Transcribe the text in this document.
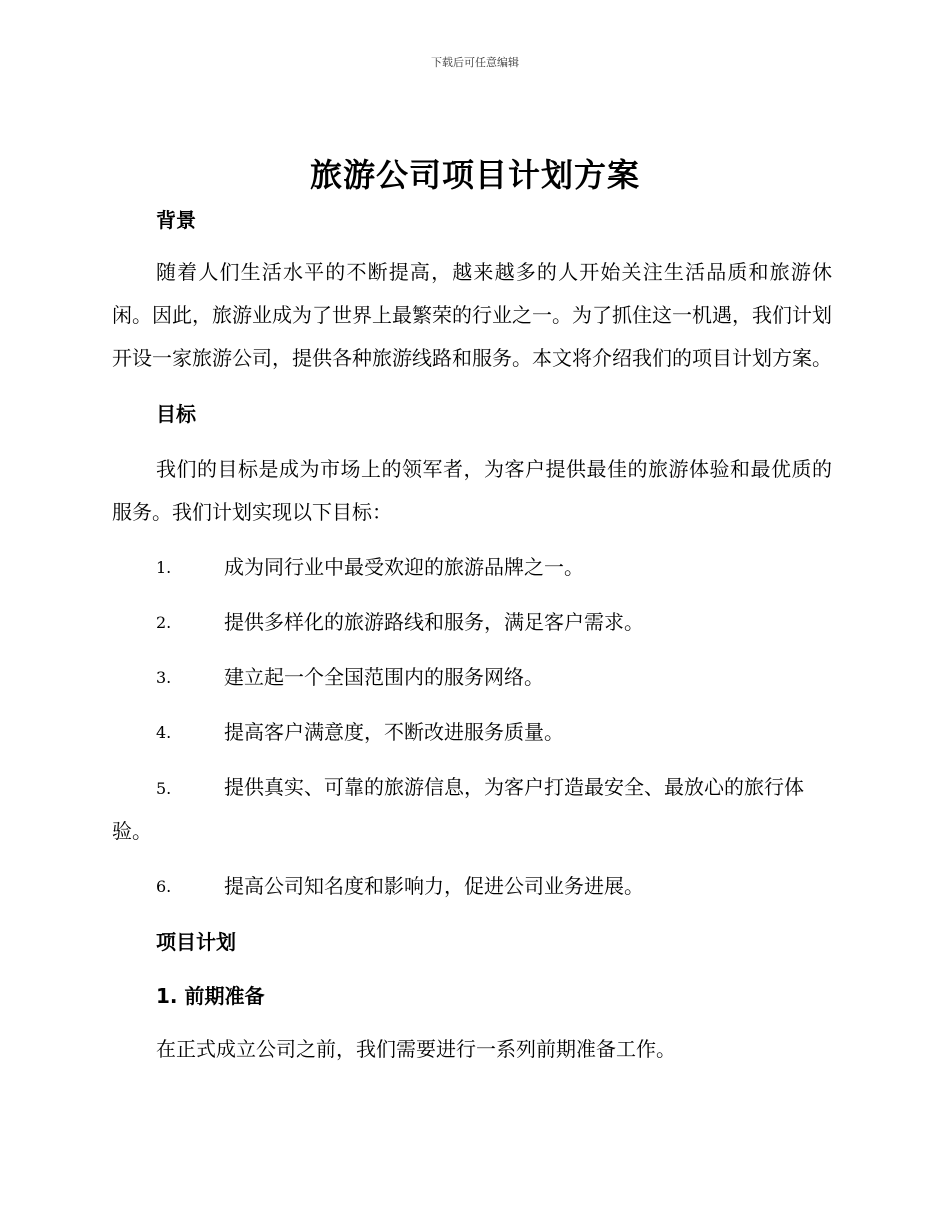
下载后可任意编辑
旅游公司项目计划方案
背景

随着人们生活水平的不断提高，越来越多的人开始关注生活品质和旅游休闲。因此，旅游业成为了世界上最繁荣的行业之一。为了抓住这一机遇，我们计划开设一家旅游公司，提供各种旅游线路和服务。本文将介绍我们的项目计划方案。

目标

我们的目标是成为市场上的领军者，为客户提供最佳的旅游体验和最优质的服务。我们计划实现以下目标：

1.	成为同行业中最受欢迎的旅游品牌之一。
2.	提供多样化的旅游路线和服务，满足客户需求。
3.	建立起一个全国范围内的服务网络。
4.	提高客户满意度，不断改进服务质量。
5.	提供真实、可靠的旅游信息，为客户打造最安全、最放心的旅行体验。
6.	提高公司知名度和影响力，促进公司业务进展。
项目计划
1. 前期准备

在正式成立公司之前，我们需要进行一系列前期准备工作。
